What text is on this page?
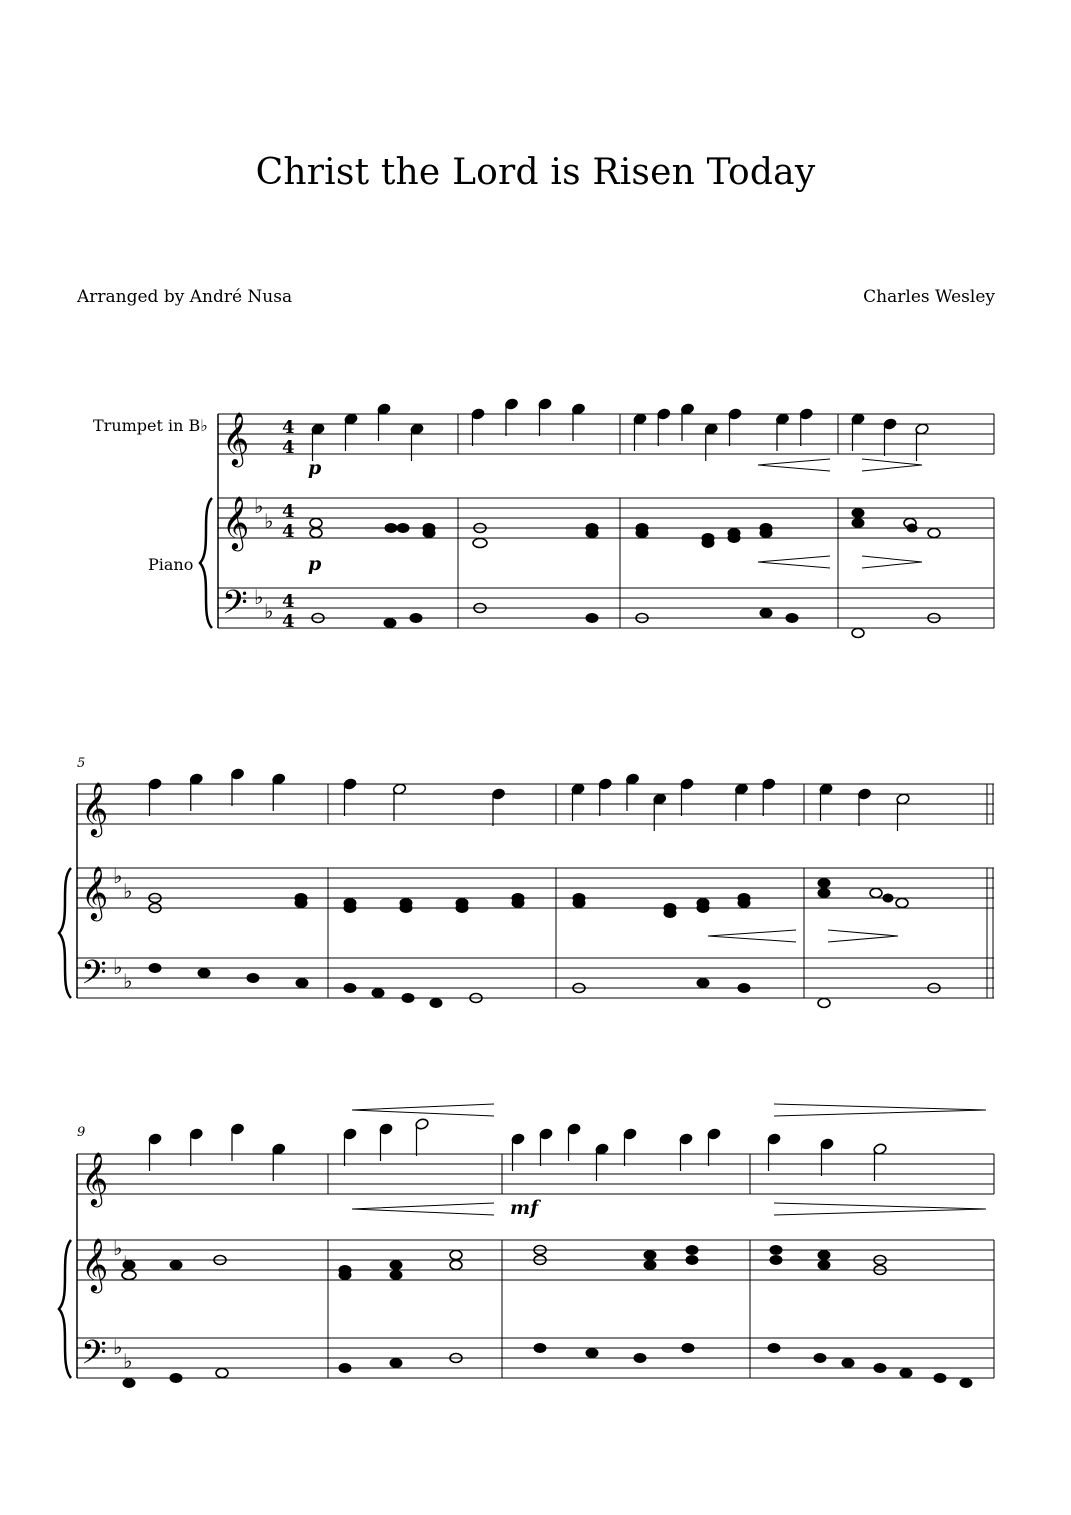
Christ the Lord is Risen Today
Arranged by André Nusa	Charles Wesley
Trumpet in B♭
Piano
5
9
𝄞
𝄞
𝄢
𝄞
𝄞
𝄢
𝄞
𝄞
𝄢
♭
♭
♭
♭
♭
♭
♭
♭
♭
♭
♭
4
4
4
4
4
4
p
p
mf
